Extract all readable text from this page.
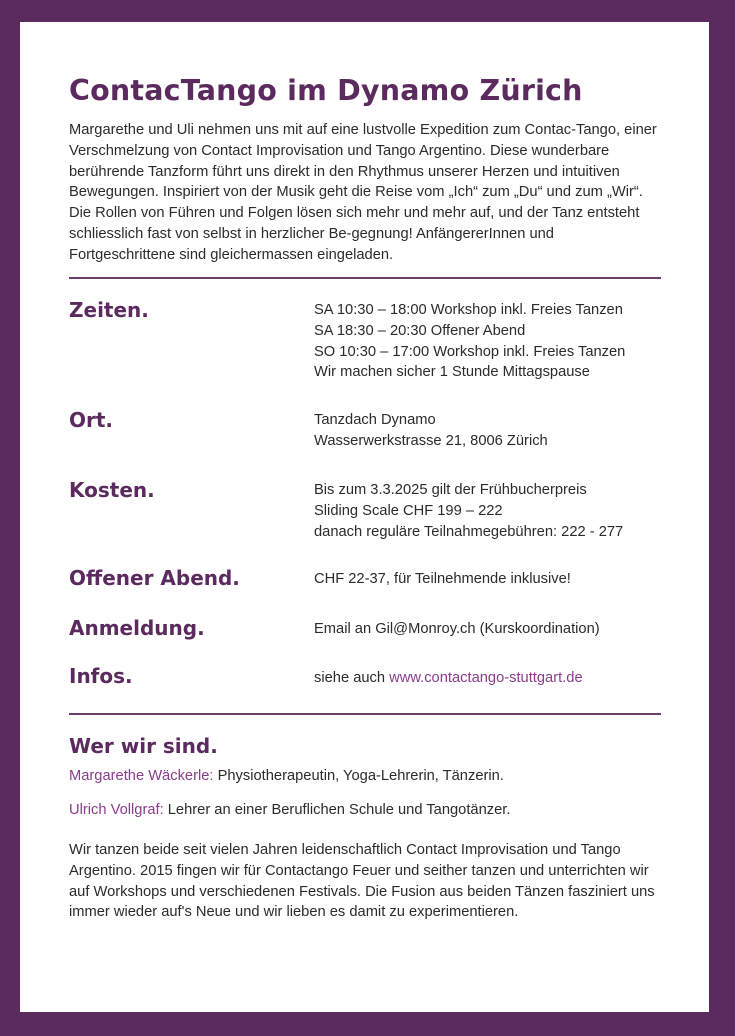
ContacTango im Dynamo Zürich

Margarethe und Uli nehmen uns mit auf eine lustvolle Expedition zum Contac-Tango, einer Verschmelzung von Contact Improvisation und Tango Argentino. Diese wunderbare berührende Tanzform führt uns direkt in den Rhythmus unserer Herzen und intuitiven Bewegungen. Inspiriert von der Musik geht die Reise vom „Ich“ zum „Du“ und zum „Wir“. Die Rollen von Führen und Folgen lösen sich mehr und mehr auf, und der Tanz entsteht schliesslich fast von selbst in herzlicher Be-gegnung! AnfängererInnen und Fortgeschrittene sind gleichermassen eingeladen.

Zeiten.	SA 10:30 – 18:00 Workshop inkl. Freies Tanzen
SA 18:30 – 20:30 Offener Abend
SO 10:30 – 17:00 Workshop inkl. Freies Tanzen
Wir machen sicher 1 Stunde Mittagspause
Ort.	Tanzdach Dynamo
Wasserwerkstrasse 21, 8006 Zürich
Kosten.	Bis zum 3.3.2025 gilt der Frühbucherpreis
Sliding Scale CHF 199 – 222
danach reguläre Teilnahmegebühren: 222 - 277
Offener Abend.	CHF 22-37, für Teilnehmende inklusive!
Anmeldung.	Email an Gil@Monroy.ch (Kurskoordination)
Infos.	siehe auch www.contactango-stuttgart.de
Wer wir sind.
Margarethe Wäckerle: Physiotherapeutin, Yoga-Lehrerin, Tänzerin.
Ulrich Vollgraf: Lehrer an einer Beruflichen Schule und Tangotänzer.

Wir tanzen beide seit vielen Jahren leidenschaftlich Contact Improvisation und Tango Argentino. 2015 fingen wir für Contactango Feuer und seither tanzen und unterrichten wir auf Workshops und verschiedenen Festivals. Die Fusion aus beiden Tänzen fasziniert uns immer wieder auf's Neue und wir lieben es damit zu experimentieren.
